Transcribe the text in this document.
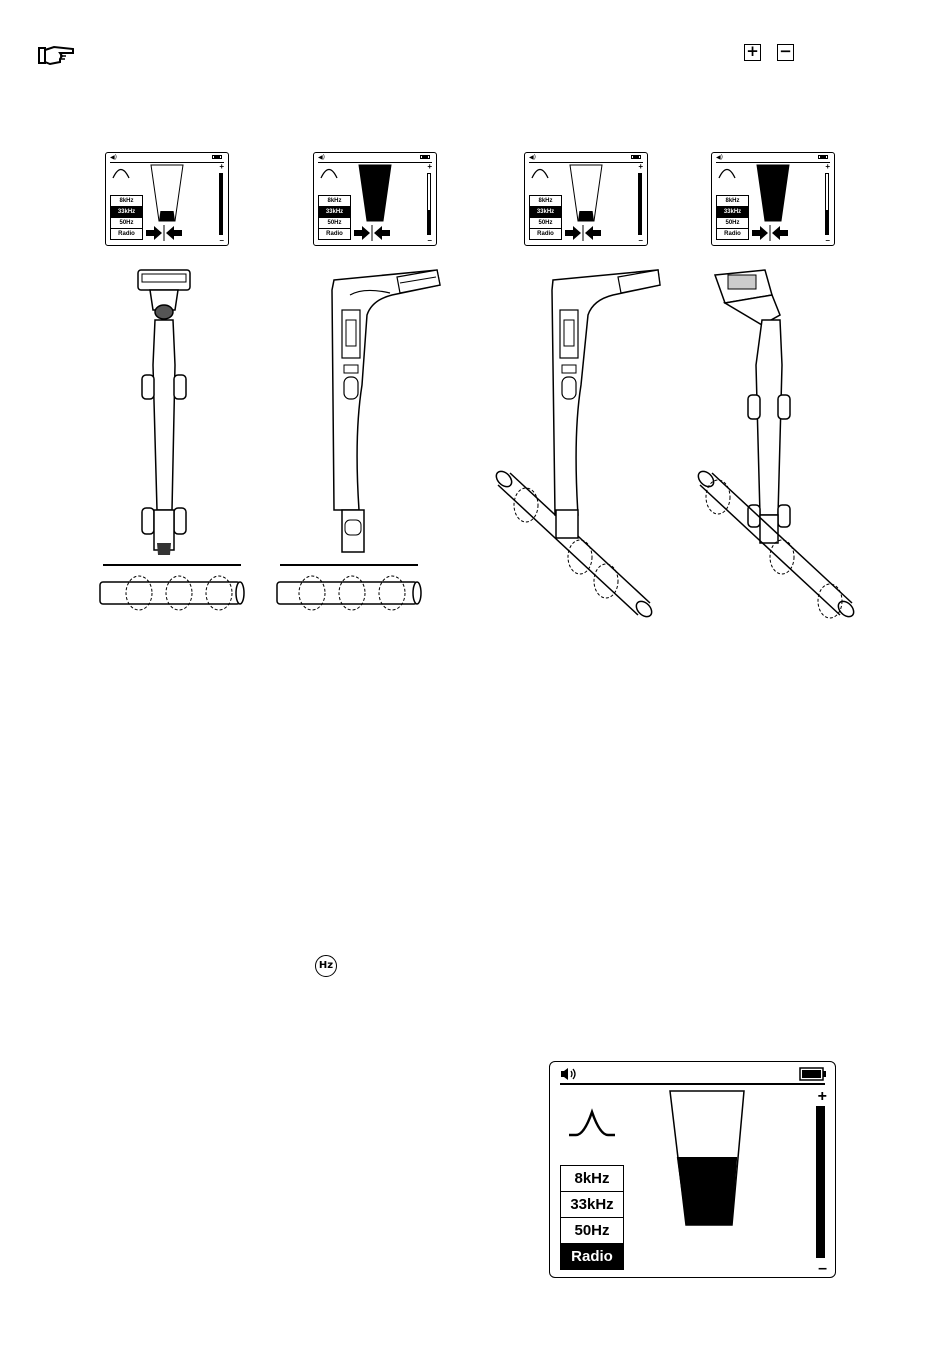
+ −
◀)
8kHz
33kHz
50Hz
Radio
+
–
◀)
8kHz
33kHz
50Hz
Radio
+
–
◀)
8kHz
33kHz
50Hz
Radio
+
–
◀)
8kHz
33kHz
50Hz
Radio
+
–
Hz
8kHz
33kHz
50Hz
Radio
+
–
